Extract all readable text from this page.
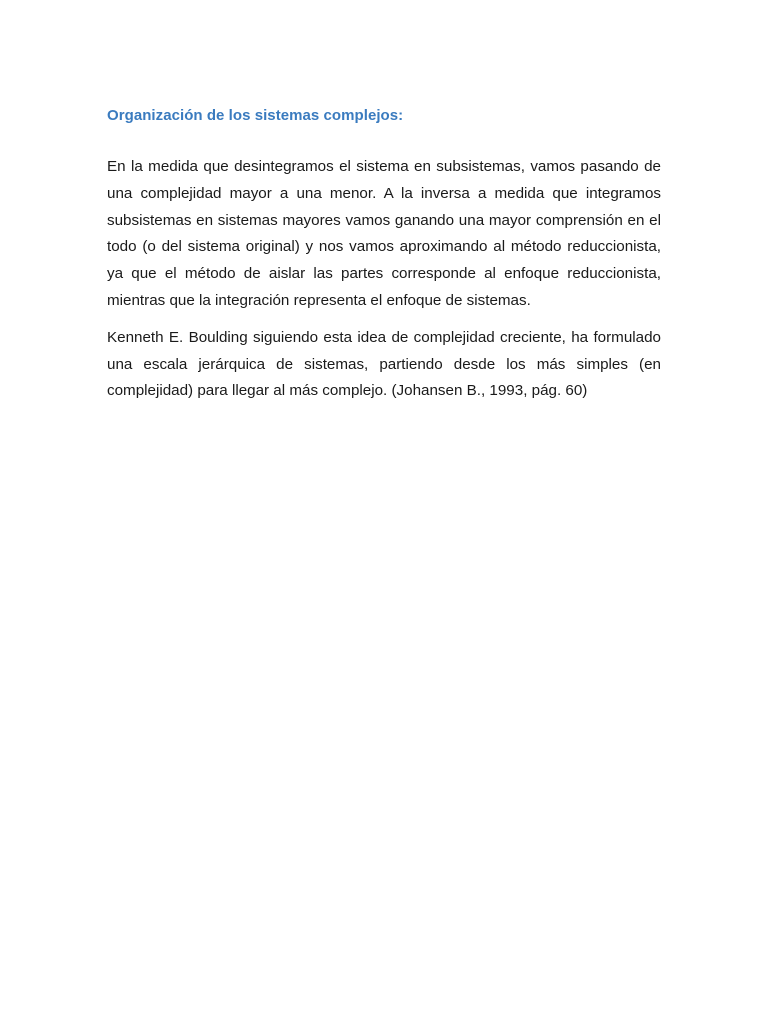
Organización de los sistemas complejos:

En la medida que desintegramos el sistema en subsistemas, vamos pasando de una complejidad mayor a una menor. A la inversa a medida que integramos subsistemas en sistemas mayores vamos ganando una mayor comprensión en el todo (o del sistema original) y nos vamos aproximando al método reduccionista, ya que el método de aislar las partes corresponde al enfoque reduccionista, mientras que la integración representa el enfoque de sistemas.

Kenneth E. Boulding siguiendo esta idea de complejidad creciente, ha formulado una escala jerárquica de sistemas, partiendo desde los más simples (en complejidad) para llegar al más complejo. (Johansen B., 1993, pág. 60)
